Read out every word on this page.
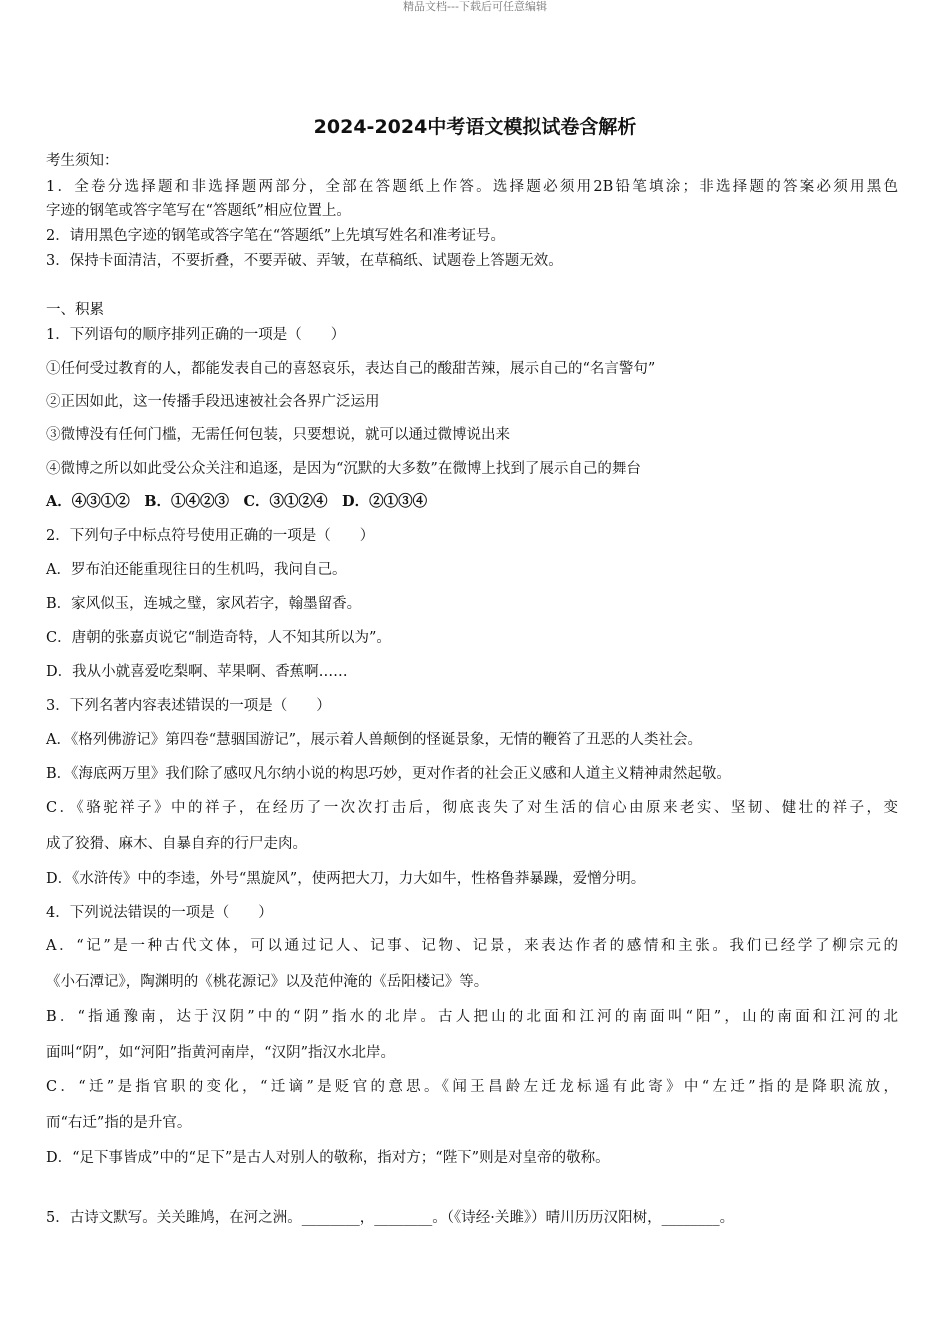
精品文档---下载后可任意编辑
2024-2024中考语文模拟试卷含解析
考生须知：
1．全卷分选择题和非选择题两部分，全部在答题纸上作答。选择题必须用2B铅笔填涂；非选择题的答案必须用黑色
字迹的钢笔或答字笔写在“答题纸”相应位置上。
2．请用黑色字迹的钢笔或答字笔在“答题纸”上先填写姓名和准考证号。
3．保持卡面清洁，不要折叠，不要弄破、弄皱，在草稿纸、试题卷上答题无效。
一、积累
1．下列语句的顺序排列正确的一项是（　　）
①任何受过教育的人，都能发表自己的喜怒哀乐，表达自己的酸甜苦辣，展示自己的“名言警句”
②正因如此，这一传播手段迅速被社会各界广泛运用
③微博没有任何门槛，无需任何包装，只要想说，就可以通过微博说出来
④微博之所以如此受公众关注和追逐，是因为“沉默的大多数”在微博上找到了展示自己的舞台
A．④③①②　B．①④②③　C．③①②④　D．②①③④
2．下列句子中标点符号使用正确的一项是（　　）
A．罗布泊还能重现往日的生机吗，我问自己。
B．家风似玉，连城之璧，家风若字，翰墨留香。
C．唐朝的张嘉贞说它“制造奇特，人不知其所以为”。
D．我从小就喜爱吃梨啊、苹果啊、香蕉啊……
3．下列名著内容表述错误的一项是（　　）
A．《格列佛游记》第四卷“慧骃国游记”，展示着人兽颠倒的怪诞景象，无情的鞭笞了丑恶的人类社会。
B．《海底两万里》我们除了感叹凡尔纳小说的构思巧妙，更对作者的社会正义感和人道主义精神肃然起敬。
C．《骆驼祥子》中的祥子，在经历了一次次打击后，彻底丧失了对生活的信心由原来老实、坚韧、健壮的祥子，变
成了狡猾、麻木、自暴自弃的行尸走肉。
D．《水浒传》中的李逵，外号“黑旋风”，使两把大刀，力大如牛，性格鲁莽暴躁，爱憎分明。
4．下列说法错误的一项是（　　）
A．“记”是一种古代文体，可以通过记人、记事、记物、记景，来表达作者的感情和主张。我们已经学了柳宗元的
《小石潭记》，陶渊明的《桃花源记》以及范仲淹的《岳阳楼记》等。
B．“指通豫南，达于汉阴”中的“阴”指水的北岸。古人把山的北面和江河的南面叫“阳”，山的南面和江河的北
面叫“阴”，如“河阳”指黄河南岸，“汉阴”指汉水北岸。
C．“迁”是指官职的变化，“迁谪”是贬官的意思。《闻王昌龄左迁龙标遥有此寄》中“左迁”指的是降职流放，
而“右迁”指的是升官。
D．“足下事皆成”中的“足下”是古人对别人的敬称，指对方；“陛下”则是对皇帝的敬称。
5．古诗文默写。关关雎鸠，在河之洲。________，________。（《诗经·关雎》）晴川历历汉阳树，________。
